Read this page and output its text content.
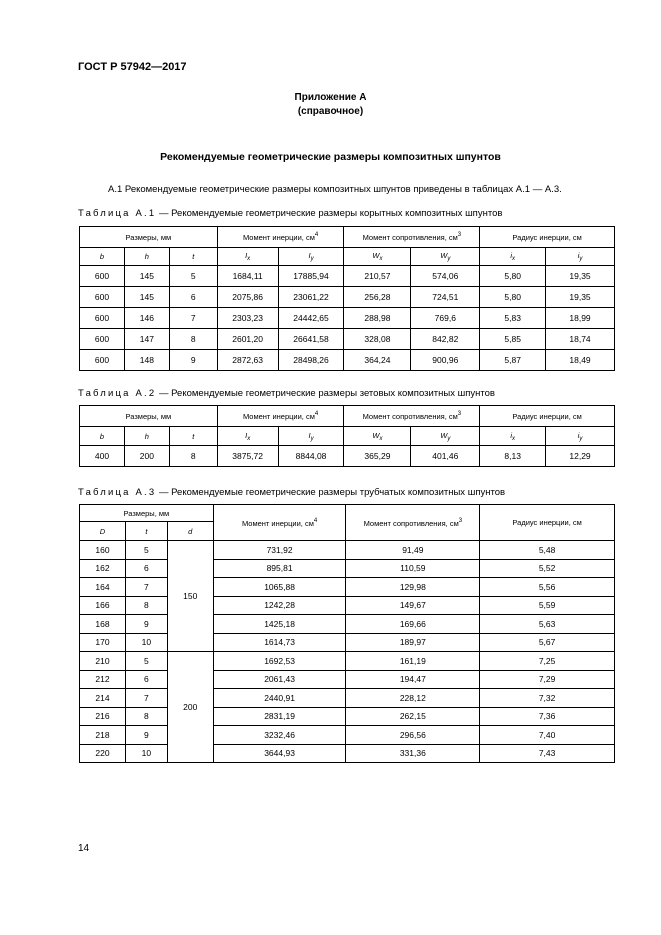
ГОСТ Р 57942—2017
Приложение А
(справочное)
Рекомендуемые геометрические размеры композитных шпунтов
А.1 Рекомендуемые геометрические размеры композитных шпунтов приведены в таблицах А.1 — А.3.
Таблица А.1 — Рекомендуемые геометрические размеры корытных композитных шпунтов
Размеры, мм			Момент инерции, $см^4$		Момент сопротивления, $см^3$		Радиус инерции, см	
b	h	t	$I_x$	$I_y$	$W_x$	$W_y$	$i_x$	$i_y$
600	145	5	1684,11	17885,94	210,57	574,06	5,80	19,35
600	145	6	2075,86	23061,22	256,28	724,51	5,80	19,35
600	146	7	2303,23	24442,65	288,98	769,6	5,83	18,99
600	147	8	2601,20	26641,58	328,08	842,82	5,85	18,74
600	148	9	2872,63	28498,26	364,24	900,96	5,87	18,49
Таблица А.2 — Рекомендуемые геометрические размеры зетовых композитных шпунтов
Размеры, мм			Момент инерции, $см^4$		Момент сопротивления, $см^3$		Радиус инерции, см	
b	h	t	$I_x$	$I_y$	$W_x$	$W_y$	$i_x$	$i_y$
400	200	8	3875,72	8844,08	365,29	401,46	8,13	12,29
Таблица А.3 — Рекомендуемые геометрические размеры трубчатых композитных шпунтов
Размеры, мм			Момент инерции, $см^4$	Момент сопротивления, $см^3$	Радиус инерции, см
D	t	d			
160	5	150	731,92	91,49	5,48
162	6		895,81	110,59	5,52
164	7		1065,88	129,98	5,56
166	8		1242,28	149,67	5,59
168	9		1425,18	169,66	5,63
170	10		1614,73	189,97	5,67
210	5	200	1692,53	161,19	7,25
212	6		2061,43	194,47	7,29
214	7		2440,91	228,12	7,32
216	8		2831,19	262,15	7,36
218	9		3232,46	296,56	7,40
220	10		3644,93	331,36	7,43
14
